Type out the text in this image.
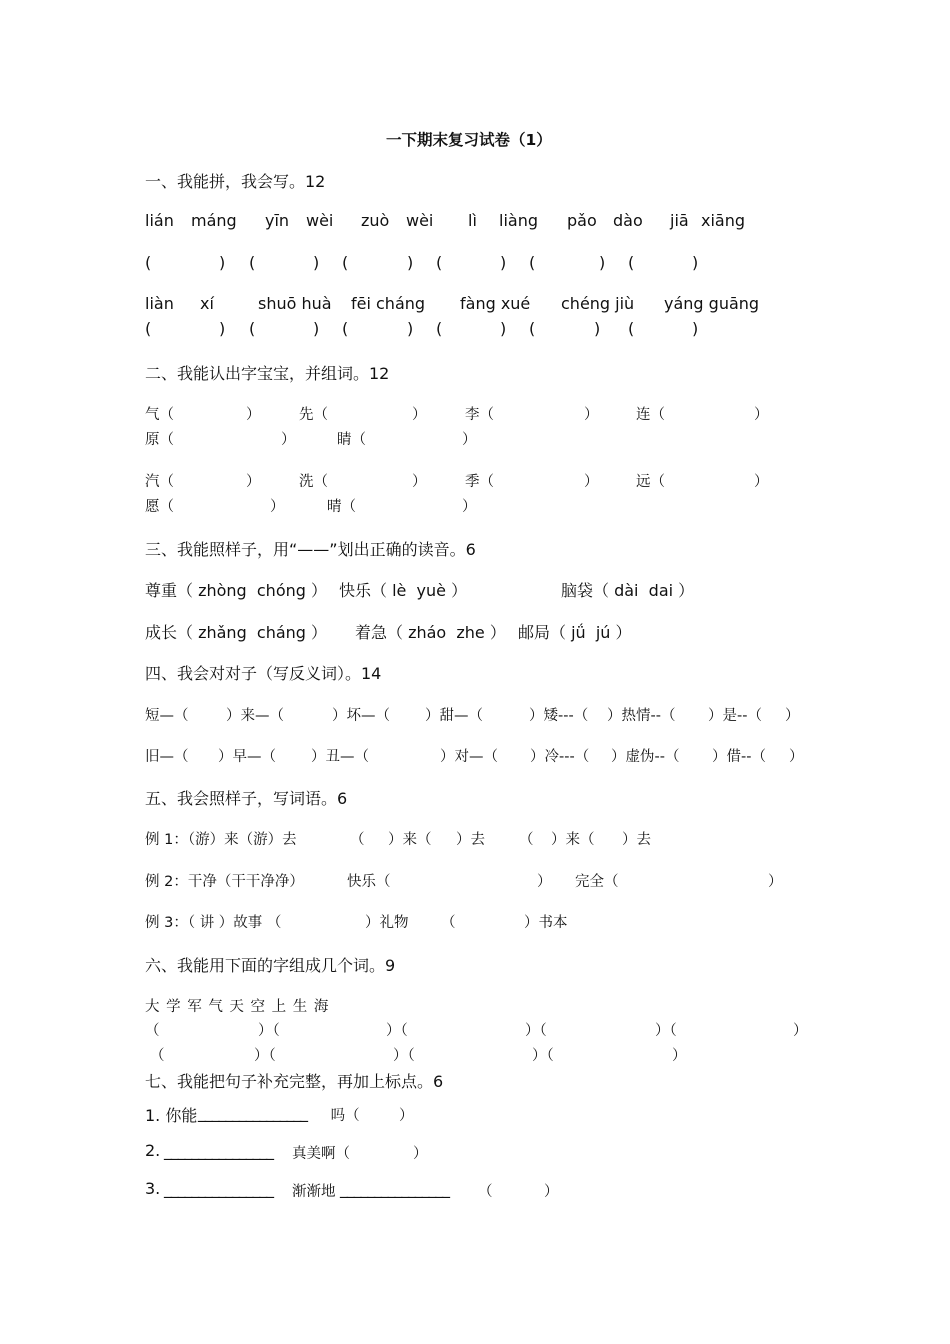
一下期末复习试卷（1）
一、我能拼，我会写。12
lián máng yīn wèi zuò wèi lì liàng pǎo dào jiā xiāng
(	) (	) (	) (	) (	) (	)
liàn xí	shuō huà fēi cháng fàng xué chéng jiù yáng guāng
(	) (	) (	) (	) (	) (	)
二、我能认出字宝宝，并组词。12
气（	）	先（	）	李（	）	连（	）
原（	）	睛（	）
汽（	）	洗（	）	季（	）	远（	）
愿（	）	晴（	）
三、我能照样子，用“——”划出正确的读音。6
尊重（ zhòng  chóng ） 快乐（ lè  yuè ）	脑袋（ dài  dai ）
成长（ zhǎng  cháng ） 着急（ zháo  zhe ） 邮局（ jǘ  jú ）
四、我会对对子（写反义词）。14
短—（	）来—（	）坏—（ ）甜—（	）矮---（ ）热情--（ ）是--（ ）
旧—（ ）早—（ ）丑—（	）对—（ ）冷---（ ）虚伪--（ ）借--（ ）
五、我会照样子，写词语。6
例 1：（游）来（游）去	（ ）来（ ）去 （ ）来（ ）去
例 2：干净（干干净净）	快乐（	） 完全（	）
例 3：（ 讲 ）故事 （	）礼物 （	）书本
六、我能用下面的字组成几个词。9
大 学 军 气 天 空 上 生 海
（	）（	）（	）（	）（	）
（	）（	）（	）（	）
七、我能把句子补充完整，再加上标点。6
1. 你能 ________________ 吗（	）
2.
________________ 真美啊（	）
3.
________________ 渐渐地 ________________ （	）
